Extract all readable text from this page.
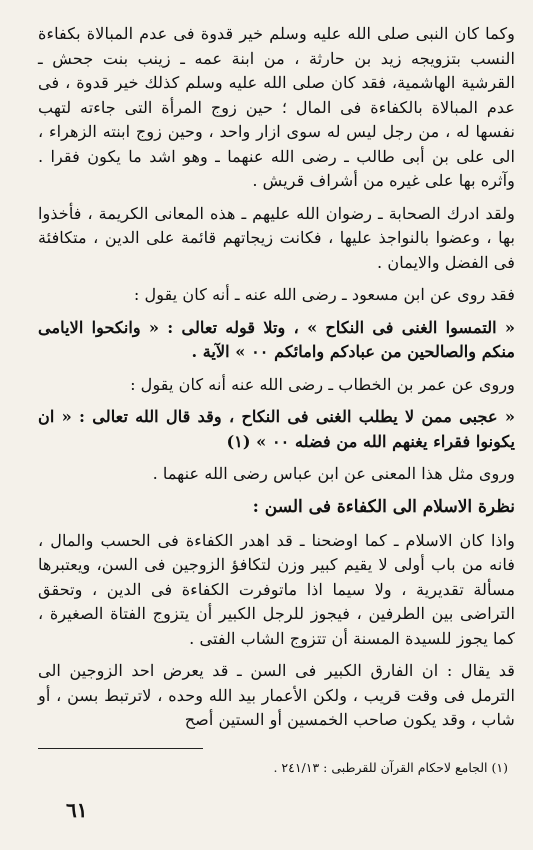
وكما كان النبى صلى الله عليه وسلم خير قدوة فى عدم المبالاة بكفاءة النسب بتزويجه زيد بن حارثة ، من ابنة عمه ـ زينب بنت جحش ـ القرشية الهاشمية، فقد كان صلى الله عليه وسلم كذلك خير قدوة ، فى عدم المبالاة بالكفاءة فى المال ؛ حين زوج المرأة التى جاءته لتهب نفسها له ، من رجل ليس له سوى ازار واحد ، وحين زوج ابنته الزهراء ، الى على بن أبى طالب ـ رضى الله عنهما ـ وهو اشد ما يكون فقرا . وآثره بها على غيره من أشراف قريش .

ولقد ادرك الصحابة ـ رضوان الله عليهم ـ هذه المعانى الكريمة ، فأخذوا بها ، وعضوا بالنواجذ عليها ، فكانت زيجاتهم قائمة على الدين ، متكافئة فى الفضل والايمان .

فقد روى عن ابن مسعود ـ رضى الله عنه ـ أنه كان يقول :

« التمسوا الغنى فى النكاح » ، وتلا قوله تعالى : « وانكحوا الايامى منكم والصالحين من عبادكم وامائكم ٠٠ » الآية .

وروى عن عمر بن الخطاب ـ رضى الله عنه أنه كان يقول :

« عجبى ممن لا يطلب الغنى فى النكاح ، وقد قال الله تعالى : « ان يكونوا فقراء يغنهم الله من فضله ٠٠ » (١)

وروى مثل هذا المعنى عن ابن عباس رضى الله عنهما .

نظرة الاسلام الى الكفاءة فى السن :

واذا كان الاسلام ـ كما اوضحنا ـ قد اهدر الكفاءة فى الحسب والمال ، فانه من باب أولى لا يقيم كبير وزن لتكافؤ الزوجين فى السن، ويعتبرها مسألة تقديرية ، ولا سيما اذا ماتوفرت الكفاءة فى الدين ، وتحقق التراضى بين الطرفين ، فيجوز للرجل الكبير أن يتزوج الفتاة الصغيرة ، كما يجوز للسيدة المسنة أن تتزوج الشاب الفتى .

قد يقال : ان الفارق الكبير فى السن ـ قد يعرض احد الزوجين الى الترمل فى وقت قريب ، ولكن الأعمار بيد الله وحده ، لاترتبط بسن ، أو شاب ، وقد يكون صاحب الخمسين أو الستين أصح

(١) الجامع لاحكام القرآن للقرطبى : ٢٤١/١٣ .
٦١
